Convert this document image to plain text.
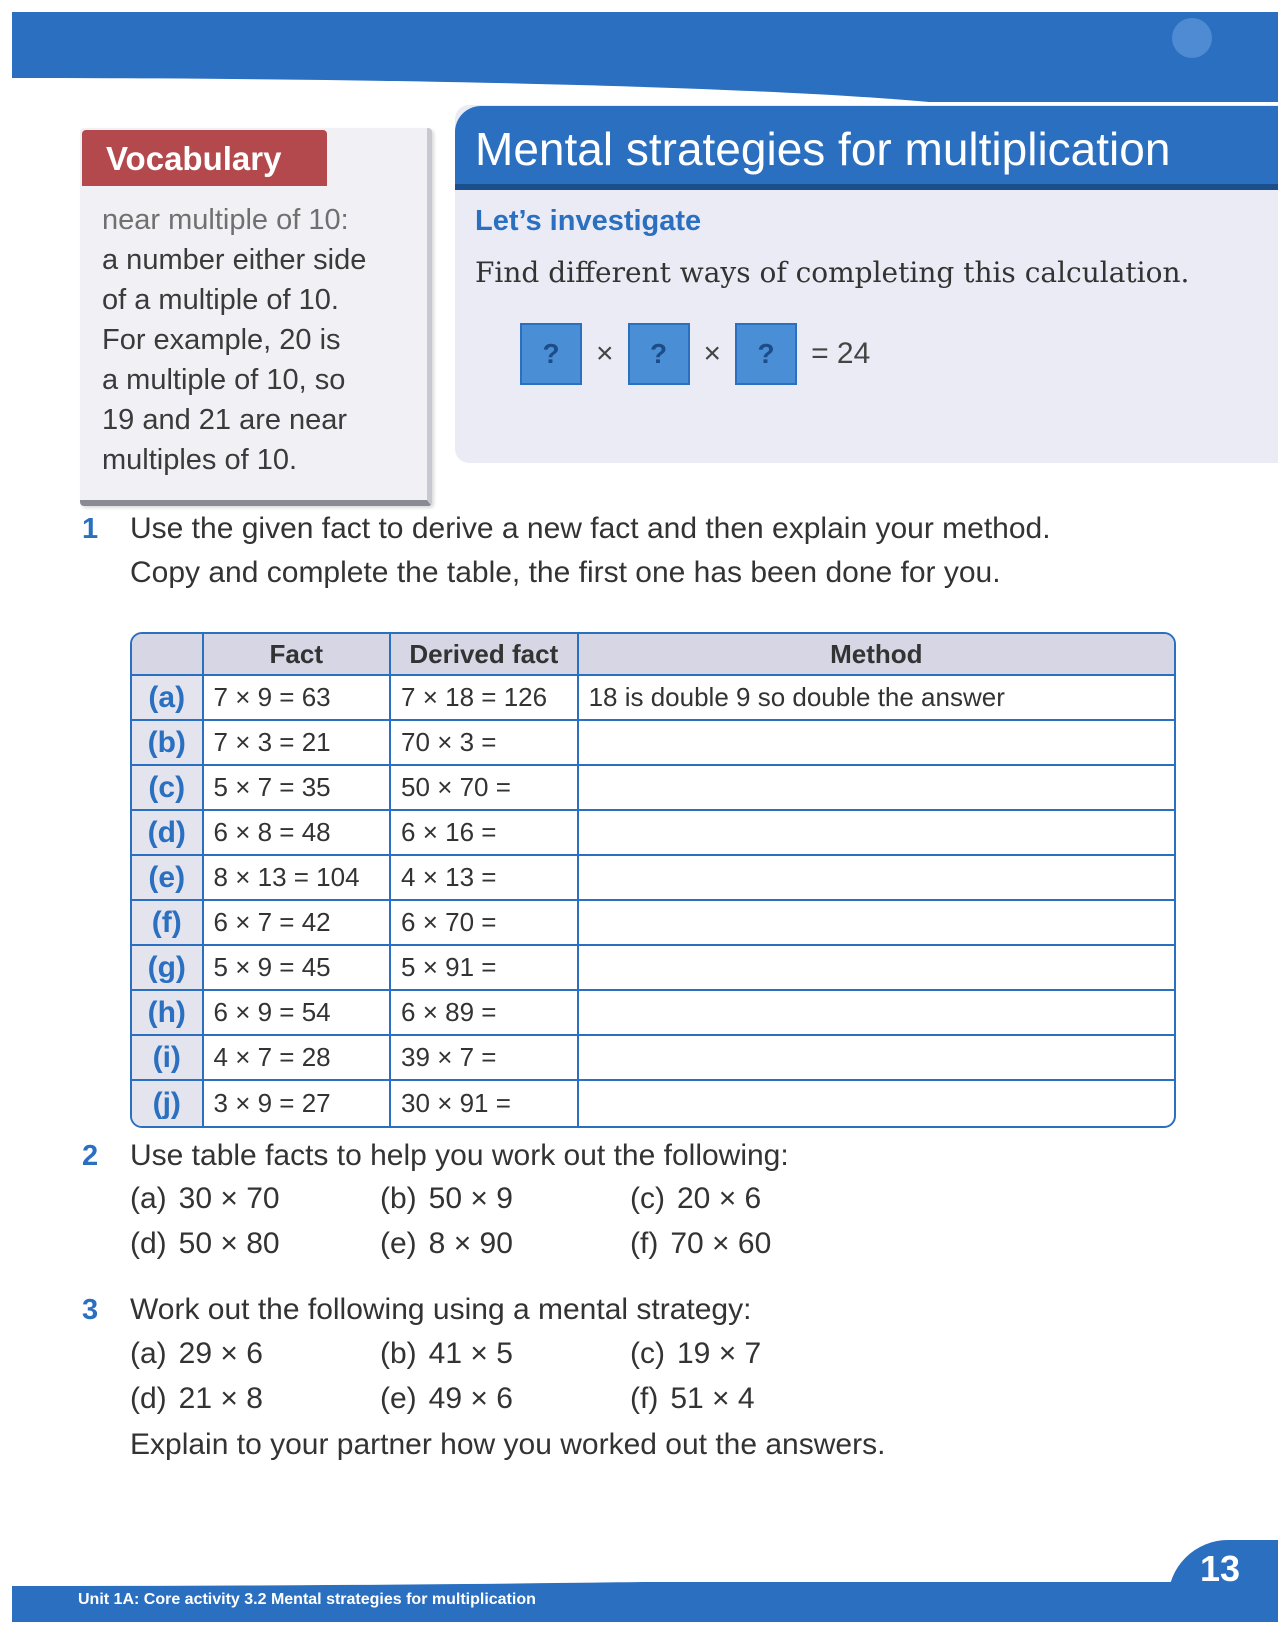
Vocabulary
near multiple of 10:
a number either side
of a multiple of 10.
For example, 20 is
a multiple of 10, so
19 and 21 are near
multiples of 10.
Mental strategies for multiplication
Let’s investigate
Find different ways of completing this calculation.
?	×	?	×	?	= 24
1 Use the given fact to derive a new fact and then explain your method.
Copy and complete the table, the first one has been done for you.
	Fact	Derived fact	Method
(a)	7 × 9 = 63	7 × 18 = 126	18 is double 9 so double the answer
(b)	7 × 3 = 21	70 × 3 =	
(c)	5 × 7 = 35	50 × 70 =	
(d)	6 × 8 = 48	6 × 16 =	
(e)	8 × 13 = 104	4 × 13 =	
(f)	6 × 7 = 42	6 × 70 =	
(g)	5 × 9 = 45	5 × 91 =	
(h)	6 × 9 = 54	6 × 89 =	
(i)	4 × 7 = 28	39 × 7 =	
(j)	3 × 9 = 27	30 × 91 =	
2 Use table facts to help you work out the following:
(a) 30 × 70	(b) 50 × 9	(c) 20 × 6
(d) 50 × 80	(e) 8 × 90	(f) 70 × 60
3 Work out the following using a mental strategy:
(a) 29 × 6	(b) 41 × 5	(c) 19 × 7
(d) 21 × 8	(e) 49 × 6	(f) 51 × 4
Explain to your partner how you worked out the answers.
Unit 1A: Core activity 3.2 Mental strategies for multiplication
13
